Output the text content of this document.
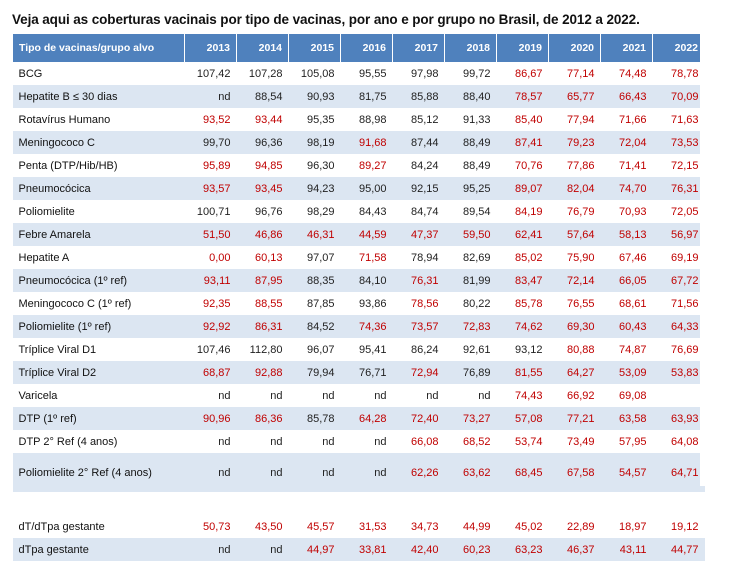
Veja aqui as coberturas vacinais por tipo de vacinas, por ano e por grupo no Brasil, de 2012 a 2022.
Tipo de vacinas/grupo alvo	2013	2014	2015	2016	2017	2018	2019	2020	2021	2022
BCG	107,42	107,28	105,08	95,55	97,98	99,72	86,67	77,14	74,48	78,78
Hepatite B ≤ 30 dias	nd	88,54	90,93	81,75	85,88	88,40	78,57	65,77	66,43	70,09
Rotavírus Humano	93,52	93,44	95,35	88,98	85,12	91,33	85,40	77,94	71,66	71,63
Meningococo C	99,70	96,36	98,19	91,68	87,44	88,49	87,41	79,23	72,04	73,53
Penta (DTP/Hib/HB)	95,89	94,85	96,30	89,27	84,24	88,49	70,76	77,86	71,41	72,15
Pneumocócica	93,57	93,45	94,23	95,00	92,15	95,25	89,07	82,04	74,70	76,31
Poliomielite	100,71	96,76	98,29	84,43	84,74	89,54	84,19	76,79	70,93	72,05
Febre Amarela	51,50	46,86	46,31	44,59	47,37	59,50	62,41	57,64	58,13	56,97
Hepatite A	0,00	60,13	97,07	71,58	78,94	82,69	85,02	75,90	67,46	69,19
Pneumocócica (1º ref)	93,11	87,95	88,35	84,10	76,31	81,99	83,47	72,14	66,05	67,72
Meningococo C (1º ref)	92,35	88,55	87,85	93,86	78,56	80,22	85,78	76,55	68,61	71,56
Poliomielite (1º ref)	92,92	86,31	84,52	74,36	73,57	72,83	74,62	69,30	60,43	64,33
Tríplice Viral D1	107,46	112,80	96,07	95,41	86,24	92,61	93,12	80,88	74,87	76,69
Tríplice Viral D2	68,87	92,88	79,94	76,71	72,94	76,89	81,55	64,27	53,09	53,83
Varicela	nd	nd	nd	nd	nd	nd	74,43	66,92	69,08	
DTP (1º ref)	90,96	86,36	85,78	64,28	72,40	73,27	57,08	77,21	63,58	63,93
DTP 2° Ref (4 anos)	nd	nd	nd	nd	66,08	68,52	53,74	73,49	57,95	64,08
Poliomielite 2° Ref (4 anos)	nd	nd	nd	nd	62,26	63,62	68,45	67,58	54,57	64,71

dT/dTpa gestante	50,73	43,50	45,57	31,53	34,73	44,99	45,02	22,89	18,97	19,12
dTpa gestante	nd	nd	44,97	33,81	42,40	60,23	63,23	46,37	43,11	44,77
